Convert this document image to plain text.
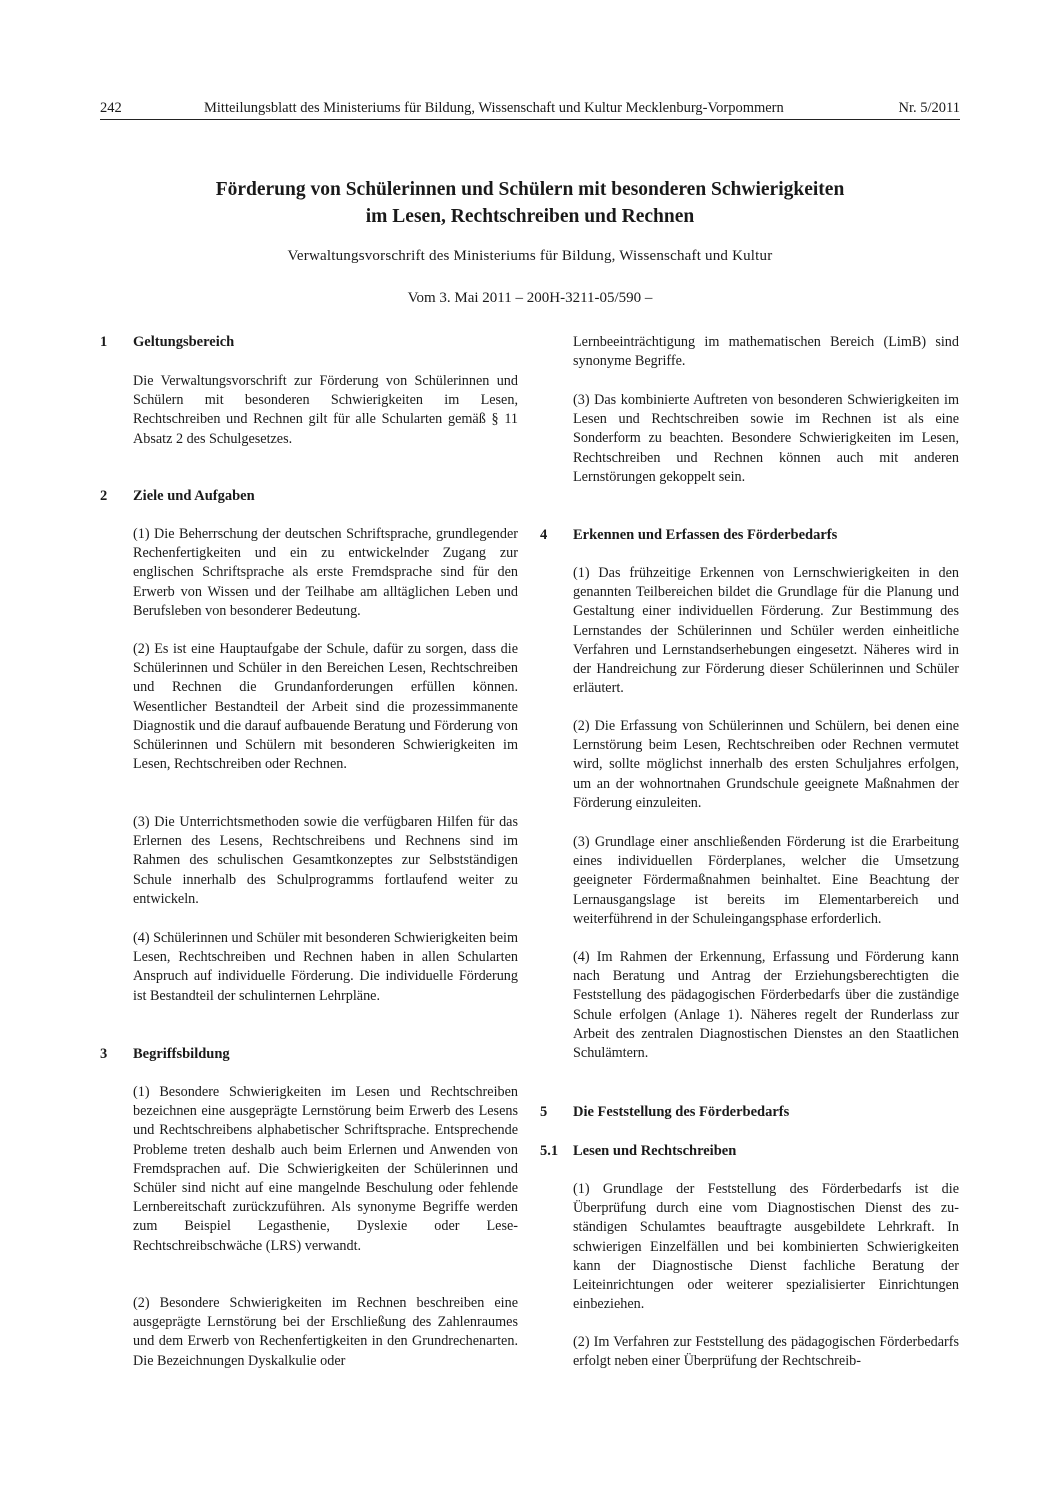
242	Mitteilungsblatt des Ministeriums für Bildung, Wissenschaft und Kultur Mecklenburg-Vorpommern	Nr. 5/2011

Förderung von Schülerinnen und Schülern mit besonderen Schwierigkeiten
im Lesen, Rechtschreiben und Rechnen
Verwaltungsvorschrift des Ministeriums für Bildung, Wissenschaft und Kultur
Vom 3. Mai 2011 – 200H-3211-05/590 –
1 Geltungsbereich
Die Verwaltungsvorschrift zur Förderung von Schülerinnen und Schülern mit besonderen Schwierigkeiten im Lesen, Rechtschreiben und Rechnen gilt für alle Schularten gemäß § 11 Absatz 2 des Schulgesetzes.
2 Ziele und Aufgaben
(1) Die Beherrschung der deutschen Schriftsprache, grundlegender Rechenfertigkeiten und ein zu entwickelnder Zugang zur englischen Schriftsprache als erste Fremdsprache sind für den Erwerb von Wissen und der Teilhabe am alltäglichen Leben und Berufsleben von besonderer Bedeutung.
(2) Es ist eine Hauptaufgabe der Schule, dafür zu sorgen, dass die Schülerinnen und Schüler in den Bereichen Lesen, Rechtschreiben und Rechnen die Grundanforderungen erfüllen können. Wesentlicher Bestandteil der Arbeit sind die prozessimmanente Diagnostik und die darauf aufbauende Beratung und Förderung von Schülerinnen und Schülern mit besonderen Schwierigkeiten im Lesen, Rechtschreiben oder Rechnen.
(3) Die Unterrichtsmethoden sowie die verfügbaren Hilfen für das Erlernen des Lesens, Rechtschreibens und Rechnens sind im Rahmen des schulischen Gesamtkonzeptes zur Selbstständigen Schule innerhalb des Schulprogramms fortlaufend weiter zu entwickeln.
(4) Schülerinnen und Schüler mit besonderen Schwierigkeiten beim Lesen, Rechtschreiben und Rechnen haben in allen Schularten Anspruch auf individuelle Förderung. Die individuelle Förderung ist Bestandteil der schulinternen Lehrpläne.
3 Begriffsbildung
(1) Besondere Schwierigkeiten im Lesen und Rechtschreiben bezeichnen eine ausgeprägte Lernstörung beim Erwerb des Lesens und Rechtschreibens alphabetischer Schriftsprache. Entsprechende Probleme treten deshalb auch beim Erlernen und Anwenden von Fremdsprachen auf. Die Schwierigkeiten der Schülerinnen und Schüler sind nicht auf eine mangelnde Beschulung oder fehlende Lernbereitschaft zurückzuführen. Als synonyme Begriffe werden zum Beispiel Legasthenie, Dyslexie oder Lese-Rechtschreibschwäche (LRS) verwandt.
(2) Besondere Schwierigkeiten im Rechnen beschreiben eine ausgeprägte Lernstörung bei der Erschließung des Zahlenraumes und dem Erwerb von Rechenfertigkeiten in den Grundrechenarten. Die Bezeichnungen Dyskalkulie oder
Lernbeeinträchtigung im mathematischen Bereich (LimB) sind synonyme Begriffe.
(3) Das kombinierte Auftreten von besonderen Schwierigkeiten im Lesen und Rechtschreiben sowie im Rechnen ist als eine Sonderform zu beachten. Besondere Schwierigkeiten im Lesen, Rechtschreiben und Rechnen können auch mit anderen Lernstörungen gekoppelt sein.
4 Erkennen und Erfassen des Förderbedarfs
(1) Das frühzeitige Erkennen von Lernschwierigkeiten in den genannten Teilbereichen bildet die Grundlage für die Planung und Gestaltung einer individuellen Förderung. Zur Bestimmung des Lernstandes der Schülerinnen und Schüler werden einheitliche Verfahren und Lernstandserhebungen eingesetzt. Näheres wird in der Handreichung zur Förderung dieser Schülerinnen und Schüler erläutert.
(2) Die Erfassung von Schülerinnen und Schülern, bei denen eine Lernstörung beim Lesen, Rechtschreiben oder Rechnen vermutet wird, sollte möglichst innerhalb des ersten Schuljahres erfolgen, um an der wohnortnahen Grundschule geeignete Maßnahmen der Förderung einzuleiten.
(3) Grundlage einer anschließenden Förderung ist die Erarbeitung eines individuellen Förderplanes, welcher die Umsetzung geeigneter Fördermaßnahmen beinhaltet. Eine Beachtung der Lernausgangslage ist bereits im Elementarbereich und weiterführend in der Schuleingangsphase erforderlich.
(4) Im Rahmen der Erkennung, Erfassung und Förderung kann nach Beratung und Antrag der Erziehungsberechtigten die Feststellung des pädagogischen Förderbedarfs über die zuständige Schule erfolgen (Anlage 1). Näheres regelt der Runderlass zur Arbeit des zentralen Diagnostischen Dienstes an den Staatlichen Schulämtern.
5 Die Feststellung des Förderbedarfs
5.1 Lesen und Rechtschreiben
(1) Grundlage der Feststellung des Förderbedarfs ist die Überprüfung durch eine vom Diagnostischen Dienst des zuständigen Schulamtes beauftragte ausgebildete Lehrkraft. In schwierigen Einzelfällen und bei kombinierten Schwierigkeiten kann der Diagnostische Dienst fachliche Beratung der Leiteinrichtungen oder weiterer spezialisierter Einrichtungen einbeziehen.
(2) Im Verfahren zur Feststellung des pädagogischen Förderbedarfs erfolgt neben einer Überprüfung der Rechtschreib-
